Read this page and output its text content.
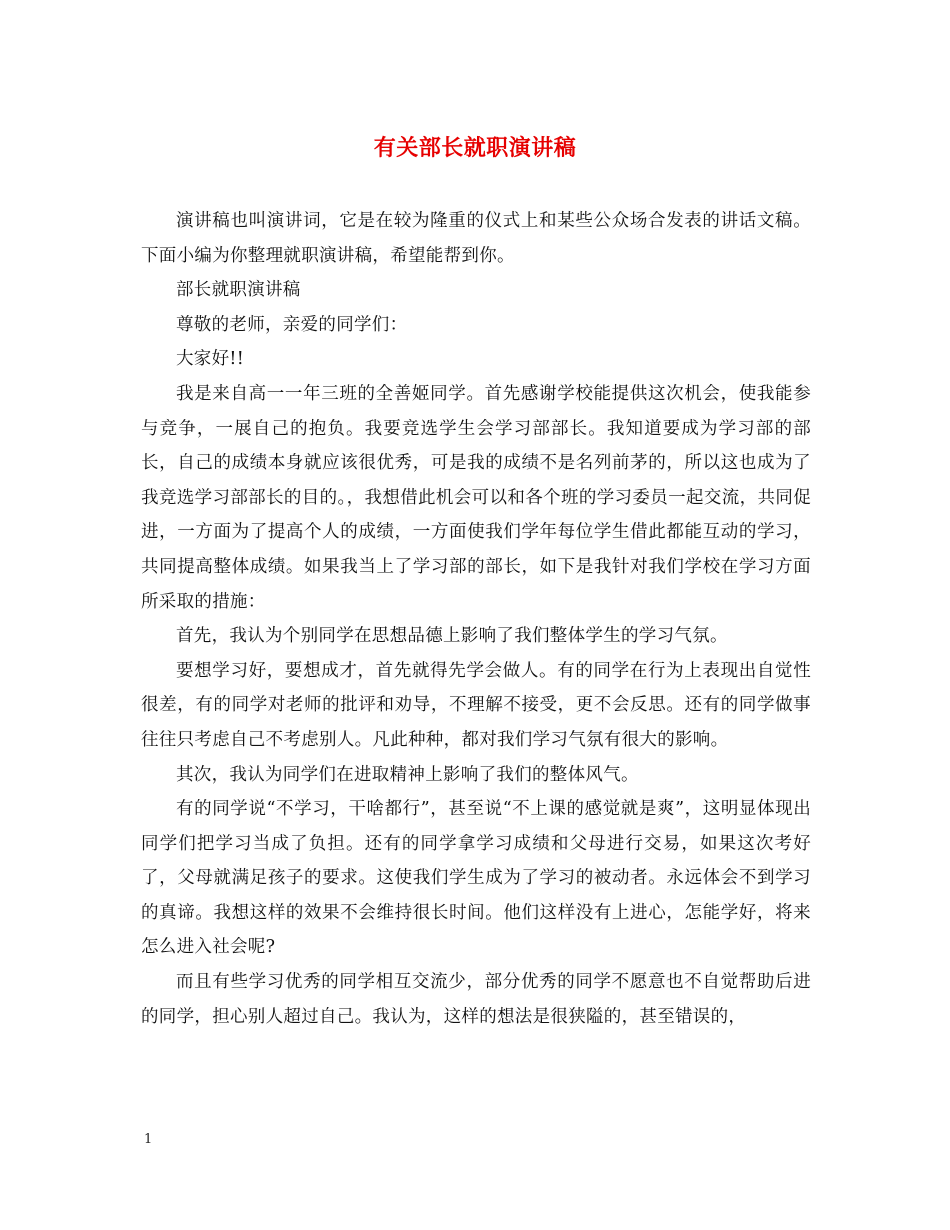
有关部长就职演讲稿

演讲稿也叫演讲词，它是在较为隆重的仪式上和某些公众场合发表的讲话文稿。下面小编为你整理就职演讲稿，希望能帮到你。

部长就职演讲稿

尊敬的老师，亲爱的同学们：

大家好!!

我是来自高一一年三班的全善姬同学。首先感谢学校能提供这次机会，使我能参与竞争，一展自己的抱负。我要竞选学生会学习部部长。我知道要成为学习部的部长，自己的成绩本身就应该很优秀，可是我的成绩不是名列前茅的，所以这也成为了我竞选学习部部长的目的。，我想借此机会可以和各个班的学习委员一起交流，共同促进，一方面为了提高个人的成绩，一方面使我们学年每位学生借此都能互动的学习，共同提高整体成绩。如果我当上了学习部的部长，如下是我针对我们学校在学习方面所采取的措施：

首先，我认为个别同学在思想品德上影响了我们整体学生的学习气氛。

要想学习好，要想成才，首先就得先学会做人。有的同学在行为上表现出自觉性很差，有的同学对老师的批评和劝导，不理解不接受，更不会反思。还有的同学做事往往只考虑自己不考虑别人。凡此种种，都对我们学习气氛有很大的影响。

其次，我认为同学们在进取精神上影响了我们的整体风气。

有的同学说“不学习，干啥都行”，甚至说“不上课的感觉就是爽”，这明显体现出同学们把学习当成了负担。还有的同学拿学习成绩和父母进行交易，如果这次考好了，父母就满足孩子的要求。这使我们学生成为了学习的被动者。永远体会不到学习的真谛。我想这样的效果不会维持很长时间。他们这样没有上进心，怎能学好，将来怎么进入社会呢?

而且有些学习优秀的同学相互交流少，部分优秀的同学不愿意也不自觉帮助后进的同学，担心别人超过自己。我认为，这样的想法是很狭隘的，甚至错误的，

1
